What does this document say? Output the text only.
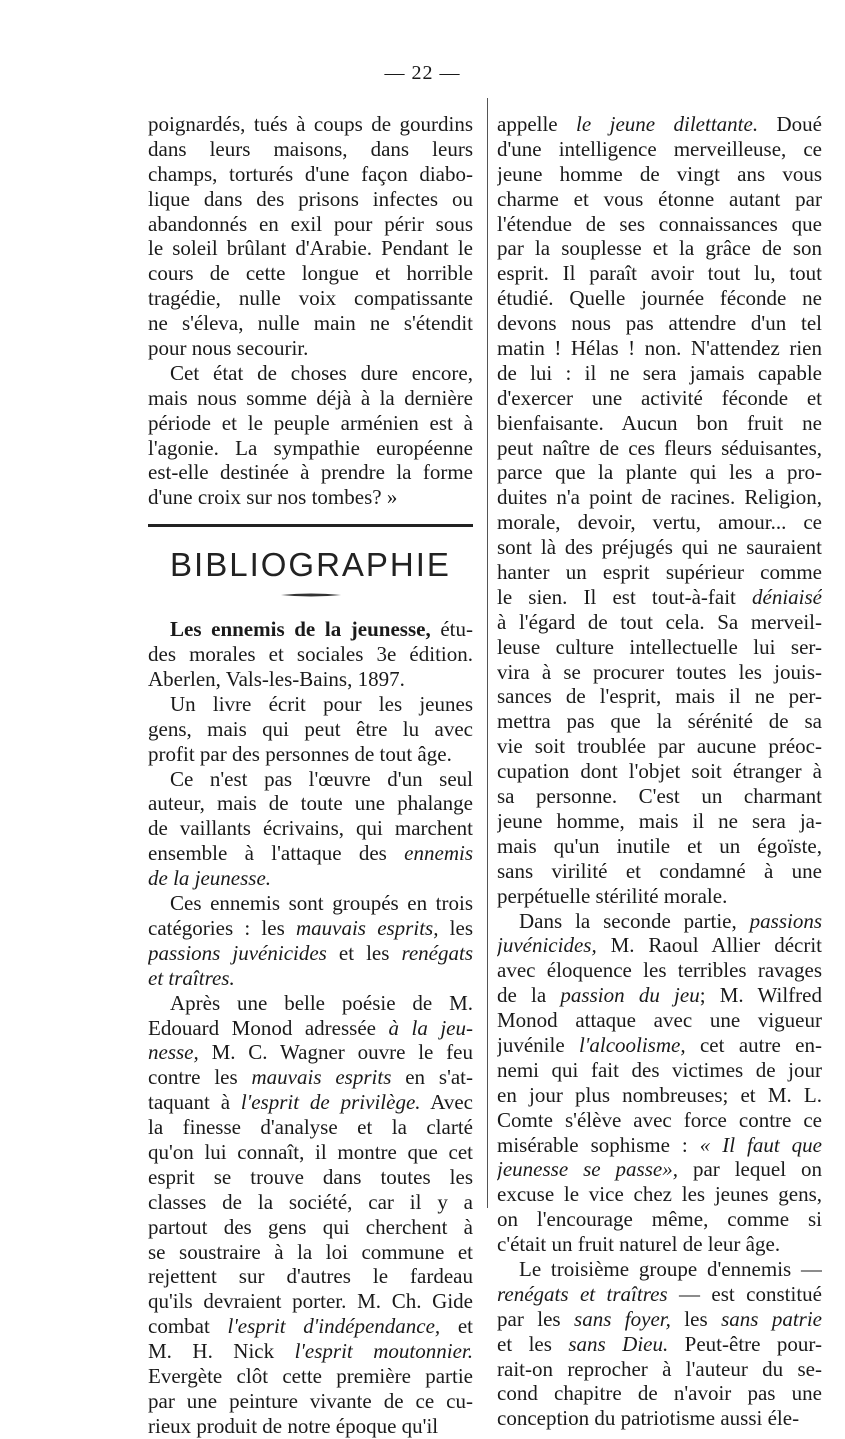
— 22 —
poignardés, tués à coups de gourdins
dans leurs maisons, dans leurs
champs, torturés d'une façon diabo-
lique dans des prisons infectes ou
abandonnés en exil pour périr sous
le soleil brûlant d'Arabie. Pendant le
cours de cette longue et horrible
tragédie, nulle voix compatissante
ne s'éleva, nulle main ne s'étendit
pour nous secourir.
Cet état de choses dure encore,
mais nous somme déjà à la dernière
période et le peuple arménien est à
l'agonie. La sympathie européenne
est-elle destinée à prendre la forme
d'une croix sur nos tombes? »
BIBLIOGRAPHIE
Les ennemis de la jeunesse, étu-
des morales et sociales 3e édition.
Aberlen, Vals-les-Bains, 1897.
Un livre écrit pour les jeunes
gens, mais qui peut être lu avec
profit par des personnes de tout âge.
Ce n'est pas l'œuvre d'un seul
auteur, mais de toute une phalange
de vaillants écrivains, qui marchent
ensemble à l'attaque des ennemis
de la jeunesse.
Ces ennemis sont groupés en trois
catégories : les mauvais esprits, les
passions juvénicides et les renégats
et traîtres.
Après une belle poésie de M.
Edouard Monod adressée à la jeu-
nesse, M. C. Wagner ouvre le feu
contre les mauvais esprits en s'at-
taquant à l'esprit de privilège. Avec
la finesse d'analyse et la clarté
qu'on lui connaît, il montre que cet
esprit se trouve dans toutes les
classes de la société, car il y a
partout des gens qui cherchent à
se soustraire à la loi commune et
rejettent sur d'autres le fardeau
qu'ils devraient porter. M. Ch. Gide
combat l'esprit d'indépendance, et
M. H. Nick l'esprit moutonnier.
Evergète clôt cette première partie
par une peinture vivante de ce cu-
rieux produit de notre époque qu'il
appelle le jeune dilettante. Doué
d'une intelligence merveilleuse, ce
jeune homme de vingt ans vous
charme et vous étonne autant par
l'étendue de ses connaissances que
par la souplesse et la grâce de son
esprit. Il paraît avoir tout lu, tout
étudié. Quelle journée féconde ne
devons nous pas attendre d'un tel
matin ! Hélas ! non. N'attendez rien
de lui : il ne sera jamais capable
d'exercer une activité féconde et
bienfaisante. Aucun bon fruit ne
peut naître de ces fleurs séduisantes,
parce que la plante qui les a pro-
duites n'a point de racines. Religion,
morale, devoir, vertu, amour... ce
sont là des préjugés qui ne sauraient
hanter un esprit supérieur comme
le sien. Il est tout-à-fait déniaisé
à l'égard de tout cela. Sa merveil-
leuse culture intellectuelle lui ser-
vira à se procurer toutes les jouis-
sances de l'esprit, mais il ne per-
mettra pas que la sérénité de sa
vie soit troublée par aucune préoc-
cupation dont l'objet soit étranger à
sa personne. C'est un charmant
jeune homme, mais il ne sera ja-
mais qu'un inutile et un égoïste,
sans virilité et condamné à une
perpétuelle stérilité morale.
Dans la seconde partie, passions
juvénicides, M. Raoul Allier décrit
avec éloquence les terribles ravages
de la passion du jeu; M. Wilfred
Monod attaque avec une vigueur
juvénile l'alcoolisme, cet autre en-
nemi qui fait des victimes de jour
en jour plus nombreuses; et M. L.
Comte s'élève avec force contre ce
misérable sophisme : « Il faut que
jeunesse se passe», par lequel on
excuse le vice chez les jeunes gens,
on l'encourage même, comme si
c'était un fruit naturel de leur âge.
Le troisième groupe d'ennemis —
renégats et traîtres — est constitué
par les sans foyer, les sans patrie
et les sans Dieu. Peut-être pour-
rait-on reprocher à l'auteur du se-
cond chapitre de n'avoir pas une
conception du patriotisme aussi éle-
